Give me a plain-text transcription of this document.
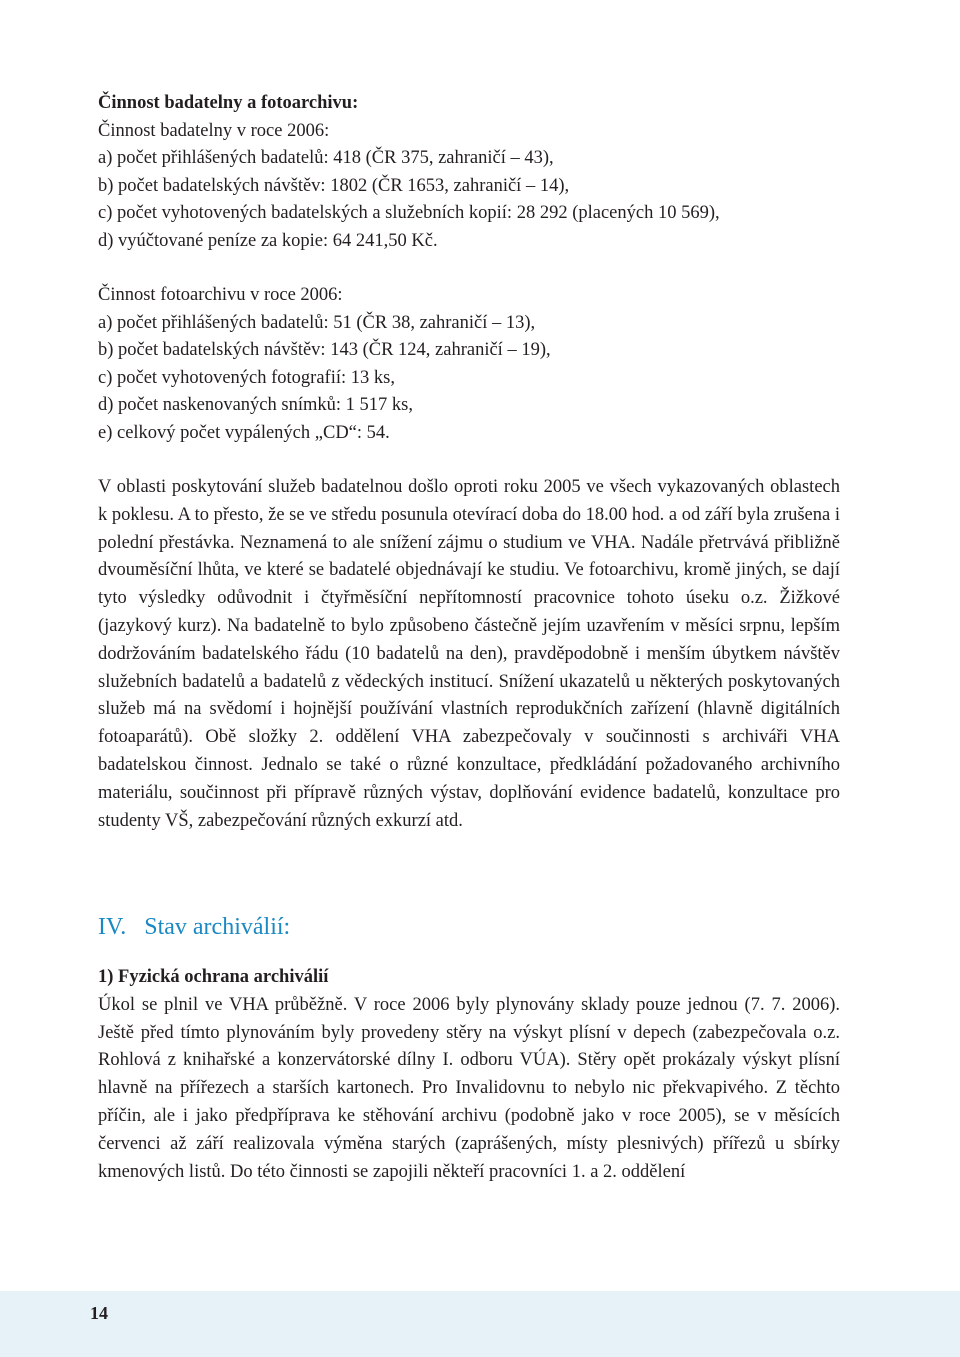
Činnost badatelny a fotoarchivu:
Činnost badatelny v roce 2006:
a) počet přihlášených badatelů: 418 (ČR 375, zahraničí – 43),
b) počet badatelských návštěv: 1802 (ČR 1653, zahraničí – 14),
c) počet vyhotovených badatelských a služebních kopií: 28 292 (placených 10 569),
d) vyúčtované peníze za kopie: 64 241,50 Kč.
Činnost fotoarchivu v roce 2006:
a) počet přihlášených badatelů: 51 (ČR 38, zahraničí – 13),
b) počet badatelských návštěv: 143 (ČR 124, zahraničí – 19),
c) počet vyhotovených fotografií: 13 ks,
d) počet naskenovaných snímků: 1 517 ks,
e) celkový počet vypálených „CD“: 54.
V oblasti poskytování služeb badatelnou došlo oproti roku 2005 ve všech vykazovaných oblastech k poklesu. A to přesto, že se ve středu posunula otevírací doba do 18.00 hod. a od září byla zrušena i polední přestávka. Neznamená to ale snížení zájmu o studium ve VHA. Nadále přetrvává přibližně dvouměsíční lhůta, ve které se badatelé objednávají ke studiu. Ve fotoarchivu, kromě jiných, se dají tyto výsledky odůvodnit i čtyřměsíční nepřítomností pracovnice tohoto úseku o.z. Žižkové (jazykový kurz). Na badatelně to bylo způsobeno částečně jejím uzavřením v měsíci srpnu, lepším dodržováním badatelského řádu (10 badatelů na den), pravděpodobně i menším úbytkem návštěv služebních badatelů a badatelů z vědeckých institucí. Snížení ukazatelů u některých poskytovaných služeb má na svědomí i hojnější používání vlastních reprodukčních zařízení (hlavně digitálních fotoaparátů). Obě složky 2. oddělení VHA zabezpečovaly v součinnosti s archiváři VHA badatelskou činnost. Jednalo se také o různé konzultace, předkládání požadovaného archivního materiálu, součinnost při přípravě různých výstav, doplňování evidence badatelů, konzultace pro studenty VŠ, zabezpečování různých exkurzí atd.
IV. Stav archiválií:
1) Fyzická ochrana archiválií
Úkol se plnil ve VHA průběžně. V roce 2006 byly plynovány sklady pouze jednou (7. 7. 2006). Ještě před tímto plynováním byly provedeny stěry na výskyt plísní v depech (zabezpečovala o.z. Rohlová z knihařské a konzervátorské dílny I. odboru VÚA). Stěry opět prokázaly výskyt plísní hlavně na přířezech a starších kartonech. Pro Invalidovnu to nebylo nic překvapivého. Z těchto příčin, ale i jako předpříprava ke stěhování archivu (podobně jako v roce 2005), se v měsících červenci až září realizovala výměna starých (zaprášených, místy plesnivých) přířezů u sbírky kmenových listů. Do této činnosti se zapojili někteří pracovníci 1. a 2. oddělení
14
